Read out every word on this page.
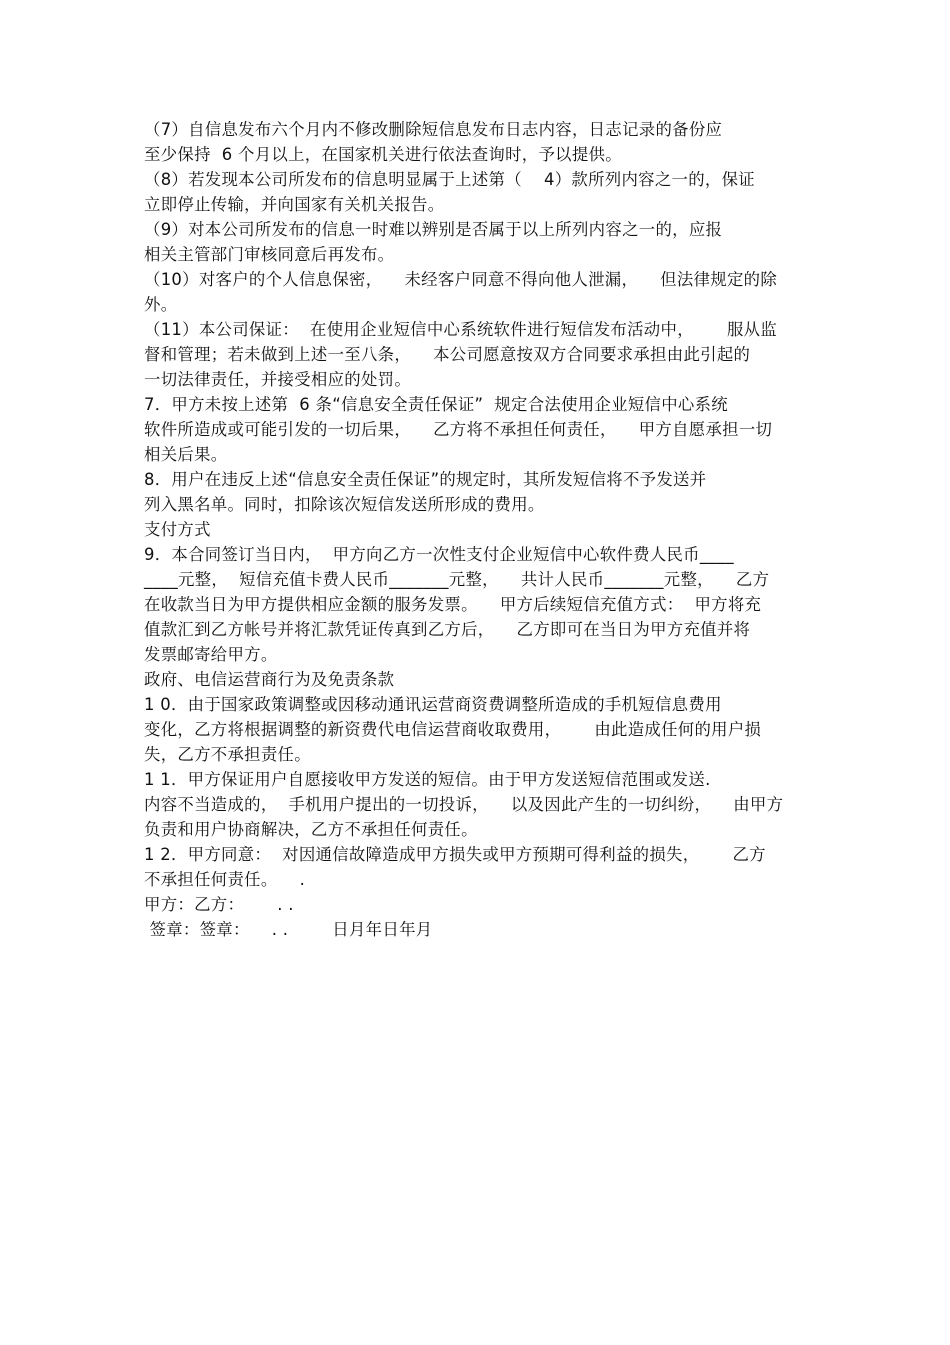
（7）自信息发布六个月内不修改删除短信息发布日志内容，日志记录的备份应

至少保持  6 个月以上，在国家机关进行依法查询时，予以提供。

（8）若发现本公司所发布的信息明显属于上述第（    4）款所列内容之一的，保证

立即停止传输，并向国家有关机关报告。

（9）对本公司所发布的信息一时难以辨别是否属于以上所列内容之一的，应报

相关主管部门审核同意后再发布。

（10）对客户的个人信息保密，    未经客户同意不得向他人泄漏，    但法律规定的除

外。

（11）本公司保证：  在使用企业短信中心系统软件进行短信发布活动中，      服从监

督和管理；若未做到上述一至八条，    本公司愿意按双方合同要求承担由此引起的

一切法律责任，并接受相应的处罚。

7．甲方未按上述第  6 条“信息安全责任保证”  规定合法使用企业短信中心系统

软件所造成或可能引发的一切后果，    乙方将不承担任何责任，    甲方自愿承担一切

相关后果。

8．用户在违反上述“信息安全责任保证”的规定时，其所发短信将不予发送并

列入黑名单。同时，扣除该次短信发送所形成的费用。

支付方式

9．本合同签订当日内，  甲方向乙方一次性支付企业短信中心软件费人民币____

____元整，  短信充值卡费人民币_______元整，    共计人民币_______元整，    乙方

在收款当日为甲方提供相应金额的服务发票。    甲方后续短信充值方式：  甲方将充

值款汇到乙方帐号并将汇款凭证传真到乙方后，    乙方即可在当日为甲方充值并将

发票邮寄给甲方。

政府、电信运营商行为及免责条款

1 0．由于国家政策调整或因移动通讯运营商资费调整所造成的手机短信息费用

变化，乙方将根据调整的新资费代电信运营商收取费用，      由此造成任何的用户损

失，乙方不承担责任。

1 1．甲方保证用户自愿接收甲方发送的短信。由于甲方发送短信范围或发送.

内容不当造成的，  手机用户提出的一切投诉，    以及因此产生的一切纠纷，    由甲方

负责和用户协商解决，乙方不承担任何责任。

1 2．甲方同意：  对因通信故障造成甲方损失或甲方预期可得利益的损失，      乙方

不承担任何责任。    .

甲方：乙方：      . .

签章：签章：    . .        日月年日年月
